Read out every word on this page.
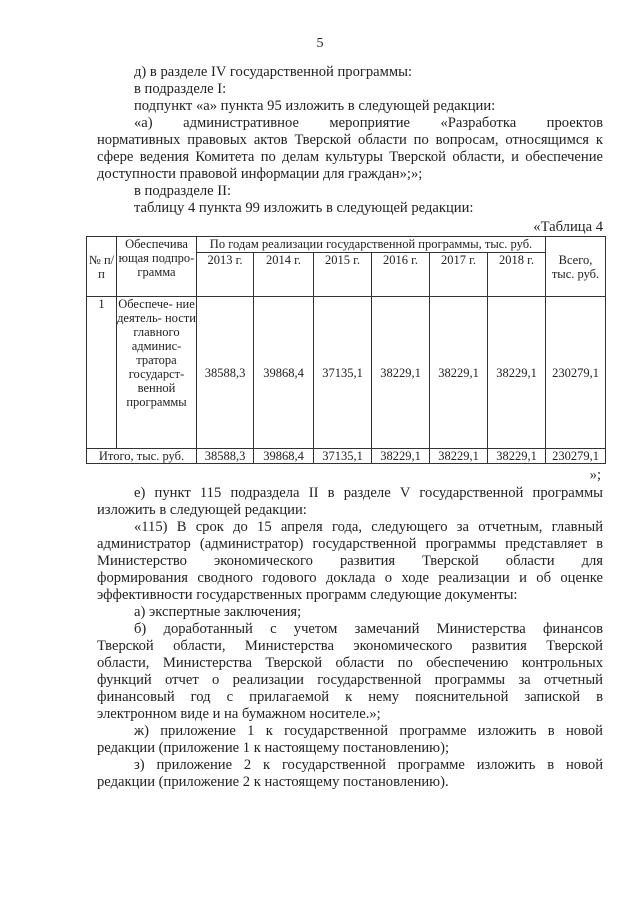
5
д) в разделе IV государственной программы:
в подразделе I:
подпункт «а» пункта 95 изложить в следующей редакции:
«а) административное мероприятие «Разработка проектов
нормативных правовых актов Тверской области по вопросам, относящимся к
сфере ведения Комитета по делам культуры Тверской области, и обеспечение
доступности правовой информации для граждан»;»;
в подразделе II:
таблицу 4 пункта 99 изложить в следующей редакции:
«Таблица 4
№ п/ п	Обеспечива ющая подпро- грамма	По годам реализации государственной программы, тыс. руб.						Всего, тыс. руб.
		2013 г.	2014 г.	2015 г.	2016 г.	2017 г.	2018 г.	
1	Обеспече- ние деятель- ности главного админис- тратора государст- венной программы	38588,3	39868,4	37135,1	38229,1	38229,1	38229,1	230279,1
Итого, тыс. руб.		38588,3	39868,4	37135,1	38229,1	38229,1	38229,1	230279,1
»;
е) пункт 115 подраздела II в разделе V государственной программы
изложить в следующей редакции:
«115) В срок до 15 апреля года, следующего за отчетным, главный
администратор (администратор) государственной программы представляет в
Министерство экономического развития Тверской области для
формирования сводного годового доклада о ходе реализации и об оценке
эффективности государственных программ следующие документы:
а) экспертные заключения;
б) доработанный с учетом замечаний Министерства финансов
Тверской области, Министерства экономического развития Тверской
области, Министерства Тверской области по обеспечению контрольных
функций отчет о реализации государственной программы за отчетный
финансовый год с прилагаемой к нему пояснительной запиской в
электронном виде и на бумажном носителе.»;
ж) приложение 1 к государственной программе изложить в новой
редакции (приложение 1 к настоящему постановлению);
з) приложение 2 к государственной программе изложить в новой
редакции (приложение 2 к настоящему постановлению).
